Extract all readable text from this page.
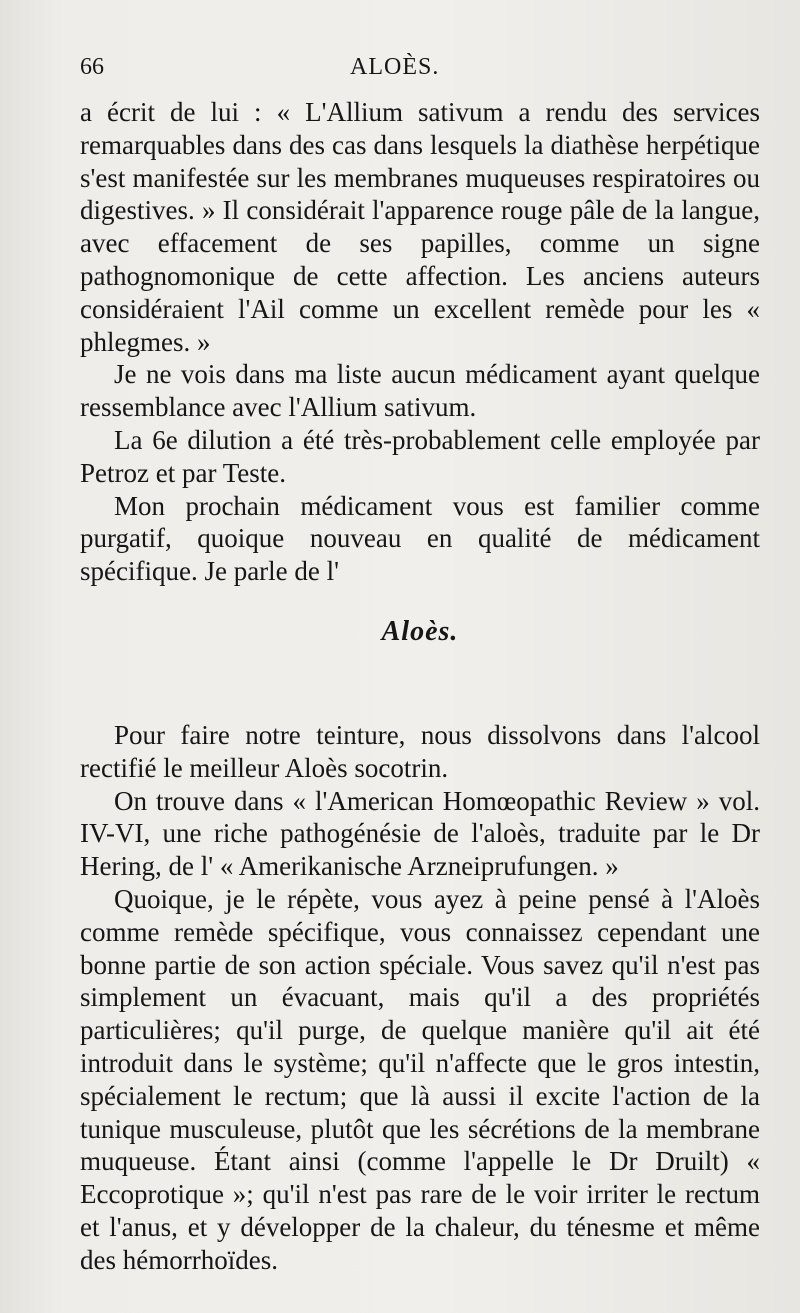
66	ALOÈS.

a écrit de lui : « L'Allium sativum a rendu des services remarquables dans des cas dans lesquels la diathèse herpétique s'est manifestée sur les membranes muqueuses respiratoires ou digestives. » Il considérait l'apparence rouge pâle de la langue, avec effacement de ses papilles, comme un signe pathognomonique de cette affection. Les anciens auteurs considéraient l'Ail comme un excellent remède pour les « phlegmes. »

Je ne vois dans ma liste aucun médicament ayant quelque ressemblance avec l'Allium sativum.

La 6e dilution a été très-probablement celle employée par Petroz et par Teste.

Mon prochain médicament vous est familier comme purgatif, quoique nouveau en qualité de médicament spécifique. Je parle de l'

Aloès.

Pour faire notre teinture, nous dissolvons dans l'alcool rectifié le meilleur Aloès socotrin.

On trouve dans « l'American Homœopathic Review » vol. IV-VI, une riche pathogénésie de l'aloès, traduite par le Dr Hering, de l' « Amerikanische Arzneiprufungen. »

Quoique, je le répète, vous ayez à peine pensé à l'Aloès comme remède spécifique, vous connaissez cependant une bonne partie de son action spéciale. Vous savez qu'il n'est pas simplement un évacuant, mais qu'il a des propriétés particulières; qu'il purge, de quelque manière qu'il ait été introduit dans le système; qu'il n'affecte que le gros intestin, spécialement le rectum; que là aussi il excite l'action de la tunique musculeuse, plutôt que les sécrétions de la membrane muqueuse. Étant ainsi (comme l'appelle le Dr Druilt) « Eccoprotique »; qu'il n'est pas rare de le voir irriter le rectum et l'anus, et y développer de la chaleur, du ténesme et même des hémorrhoïdes.
